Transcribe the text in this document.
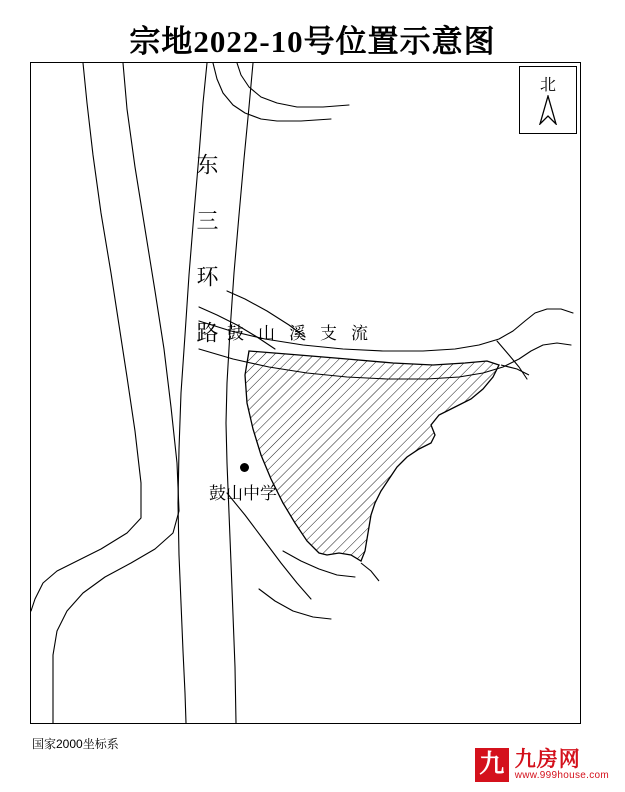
宗地2022-10号位置示意图
北
东三环路 鼓山溪支流
鼓山中学
国家2000坐标系
九 九房网
www.999house.com
